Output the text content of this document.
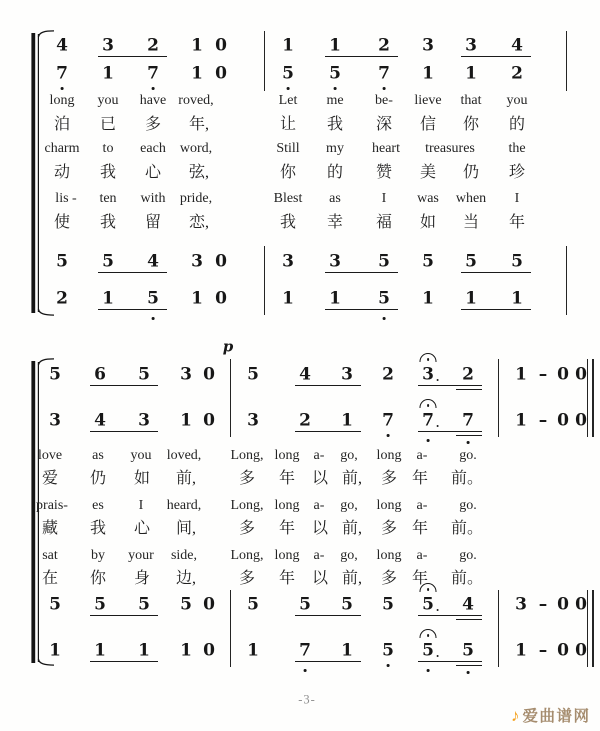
4 3 2 1 0	1 1 2 3 3 4
7 1 7 1 0	5 5 7 1 1 2
5 5 4 3 0	3 3 5 5 5 5
2 1 5 1 0	1 1 5 1 1 1
long you have roved,	Let me be- lieve that you
泊 已 多 年,	让 我 深 信 你 的
charm to each word,	Still my heart treasures the
动 我 心 弦,	你 的 赞 美 仍 珍
lis - ten with pride,	Blest as	I was when I
使 我 留 恋,	我 幸 福 如 当 年
p
5 6 5 3 0 5 4 3 2 3 2 1 – 0 0
3 4 3 1 0 3 2 1 7 7 7 1 – 0 0
5 5 5 5 0 5 5 5 5 5 4 3 – 0 0
1 1 1 1 0 1 7 1 5 5 5 1 – 0 0
love as you loved, Long, long a- go, long a- go.
爱 仍 如 前,	多 年 以 前, 多 年 前。
prais- es I heard, Long, long a- go, long a- go.
藏 我 心 间,	多 年 以 前, 多 年 前。
sat by your side, Long, long a- go, long a- go.
在 你 身 边,	多 年 以 前, 多 年 前。
-3-
♪ 爱曲谱网
